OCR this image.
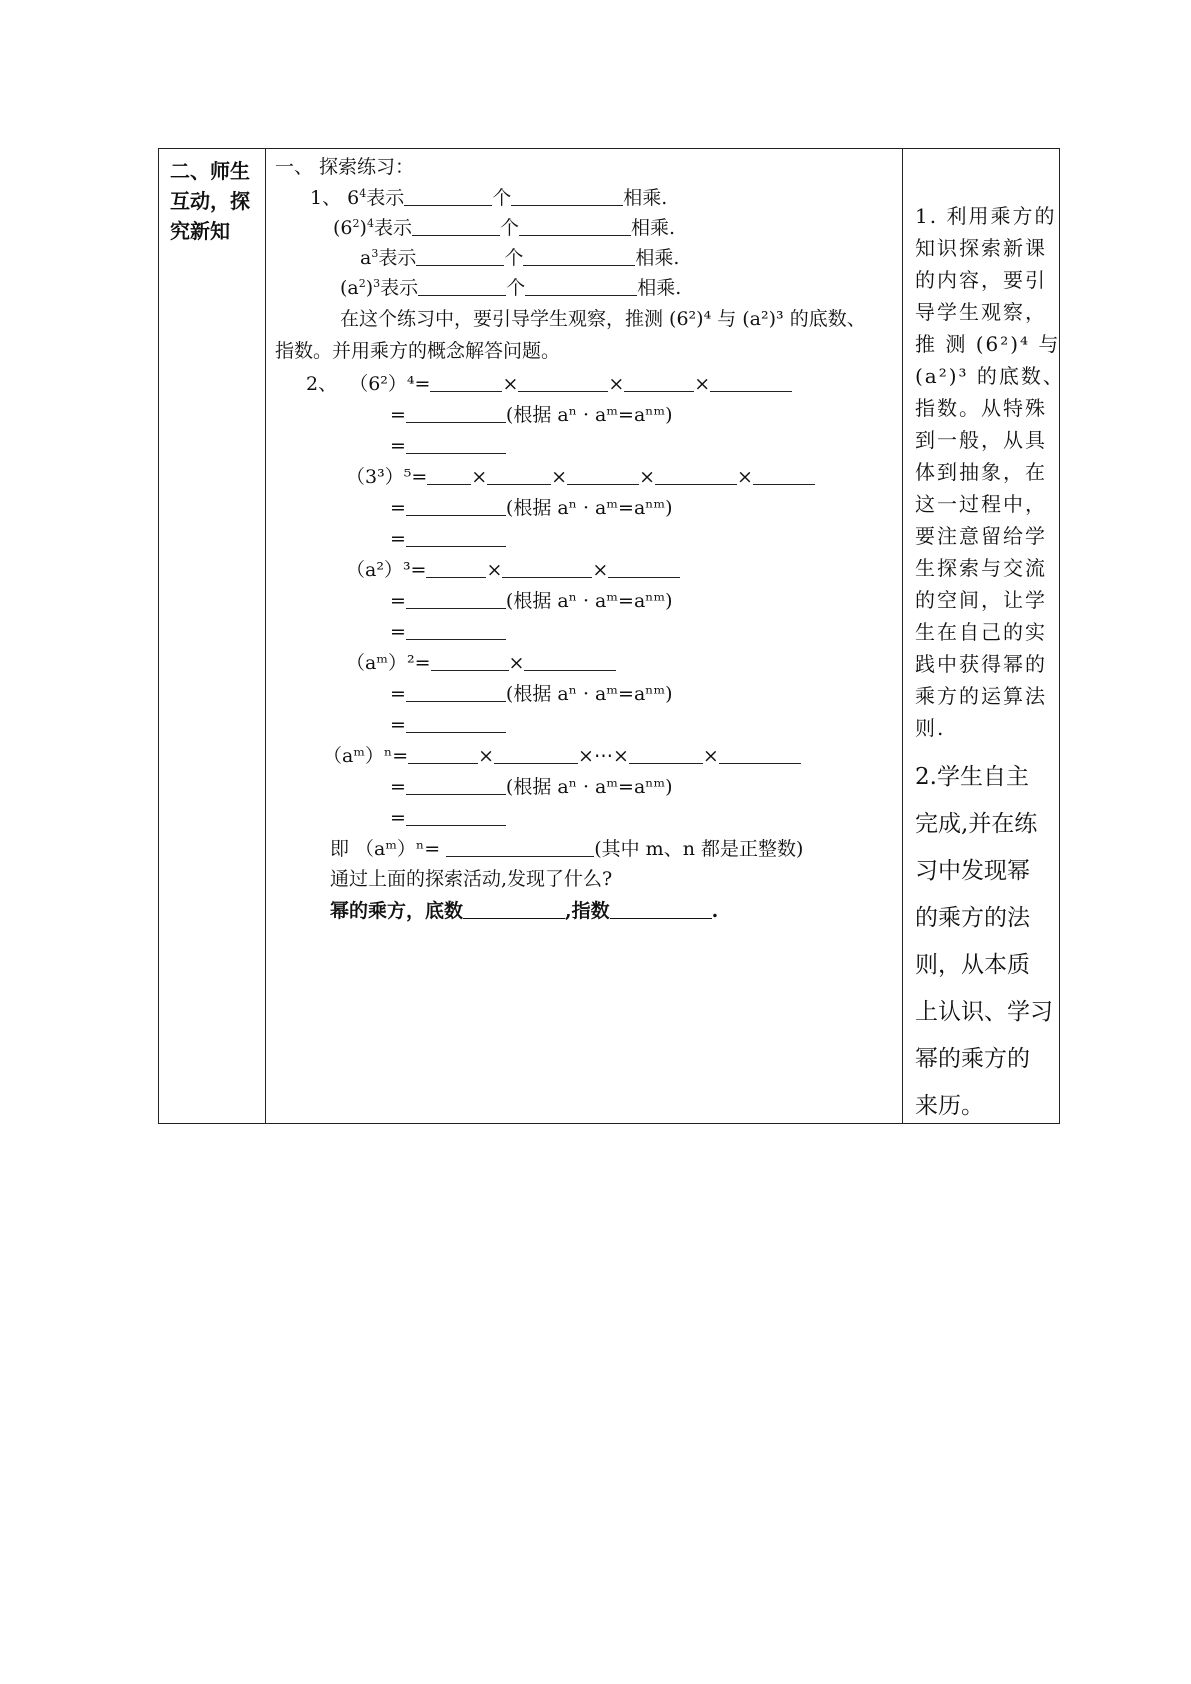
二、师生
互动，探
究新知
一、 探索练习：
1、 $6^4$表示	个	相乘.
$(6^2)^4$表示	个	相乘.
$a^3$表示	个	相乘.
$(a^2)^3$表示	个	相乘.
在这个练习中，要引导学生观察，推测 (6²)⁴ 与 (a²)³ 的底数、
指数。并用乘方的概念解答问题。
2、 （6²）⁴=	×	×	×
=	(根据 aⁿ · aᵐ=aⁿᵐ)
=
（3³）⁵= ×	×	×	×
=	(根据 aⁿ · aᵐ=aⁿᵐ)
=
（a²）³=	×	×
=	(根据 aⁿ · aᵐ=aⁿᵐ)
=
（aᵐ）²=	×
=	(根据 aⁿ · aᵐ=aⁿᵐ)
=
（aᵐ）ⁿ=	×	×⋯×	×
=	(根据 aⁿ · aᵐ=aⁿᵐ)
=
即 （aᵐ）ⁿ=	(其中 m、n 都是正整数)
通过上面的探索活动,发现了什么?
幂的乘方，底数	,指数	.
1. 利用乘方的
知识探索新课
的内容，要引
导学生观察，
推 测 (6²)⁴ 与
(a²)³ 的底数、
指数。从特殊
到一般，从具
体到抽象，在
这一过程中，
要注意留给学
生探索与交流
的空间，让学
生在自己的实
践中获得幂的
乘方的运算法
则.
2.学生自主
完成,并在练
习中发现幂
的乘方的法
则，从本质
上认识、学习
幂的乘方的
来历。
